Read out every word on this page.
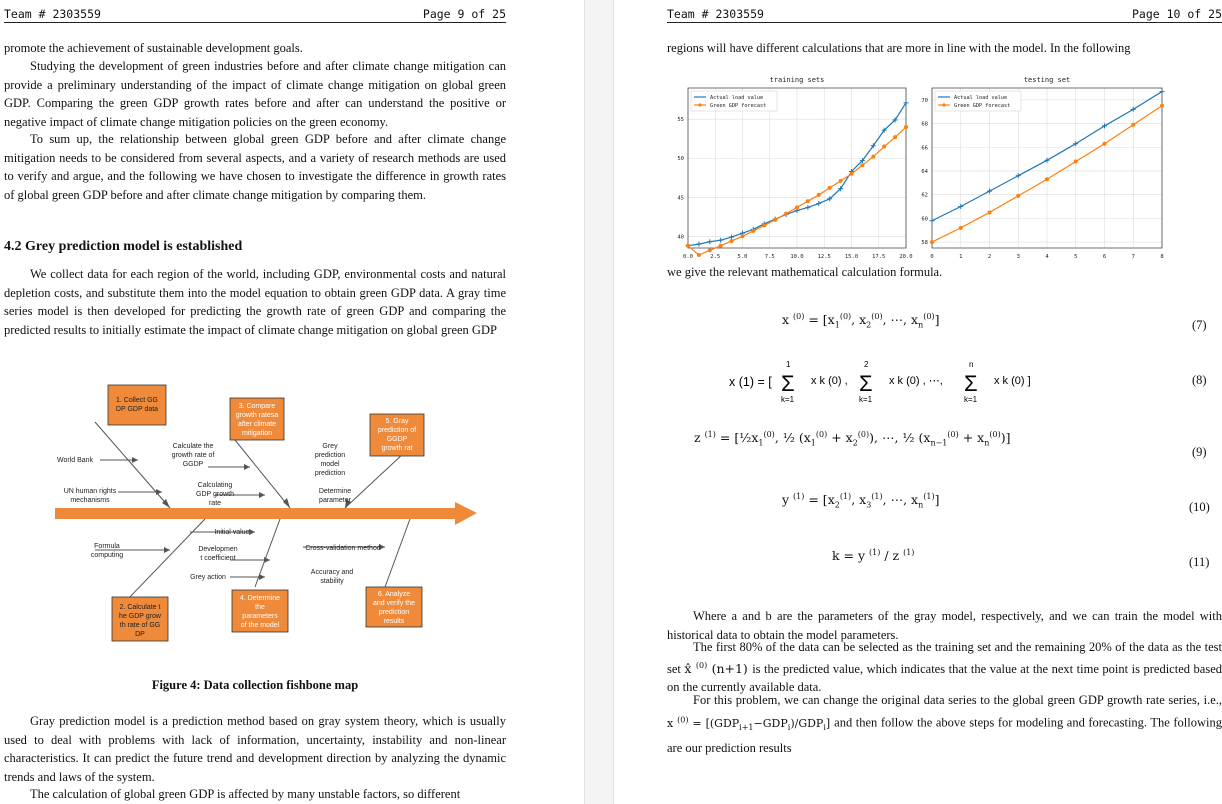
Team # 2303559	Page 9 of 25
promote the achievement of sustainable development goals.
Studying the development of green industries before and after climate change mitigation can provide a preliminary understanding of the impact of climate change mitigation on global green GDP. Comparing the green GDP growth rates before and after can understand the positive or negative impact of climate change mitigation policies on the green economy.
To sum up, the relationship between global green GDP before and after climate change mitigation needs to be considered from several aspects, and a variety of research methods are used to verify and argue, and the following we have chosen to investigate the difference in growth rates of global green GDP before and after climate change mitigation by comparing them.
4.2 Grey prediction model is established
We collect data for each region of the world, including GDP, environmental costs and natural depletion costs, and substitute them into the model equation to obtain green GDP data. A gray time series model is then developed for predicting the growth rate of green GDP and comparing the predicted results to initially estimate the impact of climate change mitigation on global green GDP
1. Collect GG DP GDP data	3. Compare growth ratesa after climate mitigation
5. Gray prediction of GGDP growth rat
2. Calculate t he GDP grow th rate of GG DP
4. Determine the parameters of the model
6. Analyze and verify the prediction results
World Bank
UN human rights mechanisms
Calculate the growth rate of GGDP
Calculating GDP growth rate
Grey prediction model prediction
Determine parameter
Initial value
Formula computing
Developmen t coefficient
Grey action
Cross-validation method
Accuracy and stability
Figure 4: Data collection fishbone map
Gray prediction model is a prediction method based on gray system theory, which is usually used to deal with problems with lack of information, uncertainty, instability and non-linear characteristics. It can predict the future trend and development direction by analyzing the dynamic trends and laws of the system.
The calculation of global green GDP is affected by many unstable factors, so different
Team # 2303559	Page 10 of 25
regions will have different calculations that are more in line with the model. In the following
training sets
0.0	2.5	5.0	7.5	10.0	12.5	15.0	17.5	20.0
40
45
50
55
Actual load value
Green GDP forecast
testing set
0	1	2	3	4	5	6	7	8
58
60
62
64
66
68
70	Actual load value
Green GDP forecast
we give the relevant mathematical calculation formula.
x $^{(0)} = [x_1^{(0)}$, $x_2^{(0)}$, ⋯, $x_n^{(0)}$]
x (1) = [ Σ
1
k=1
x k (0) , Σ
2
k=1
x k (0) , ⋯, Σ
n
k=1
x k (0) ]
z $^{(1)} = [\frac{1}{2}x_1^{(0)}$, ½ $(x_1^{(0)} + x_2^{(0)})$, ⋯, ½ $(x_{n-1}^{(0)} + x_n^{(0)})$]
y $^{(1)} = [x_2^{(1)}$, $x_3^{(1)}$, ⋯, $x_n^{(1)}$]
k = y $^{(1)}$ / z $^{(1)}$
(7)
(8)
(9)
(10)
(11)
Where a and b are the parameters of the gray model, respectively, and we can train the model with historical data to obtain the model parameters.
The first 80% of the data can be selected as the training set and the remaining 20% of the data as the test set x̂ $^{(0)}$ (n+1) is the predicted value, which indicates that the value at the next time point is predicted based on the currently available data.
For this problem, we can change the original data series to the global green GDP growth rate series, i.e., x $^{(0)} = [(GDP_{i+1}-GDP_i)/GDP_i]$ and then follow the above steps for modeling and forecasting. The following are our prediction results
